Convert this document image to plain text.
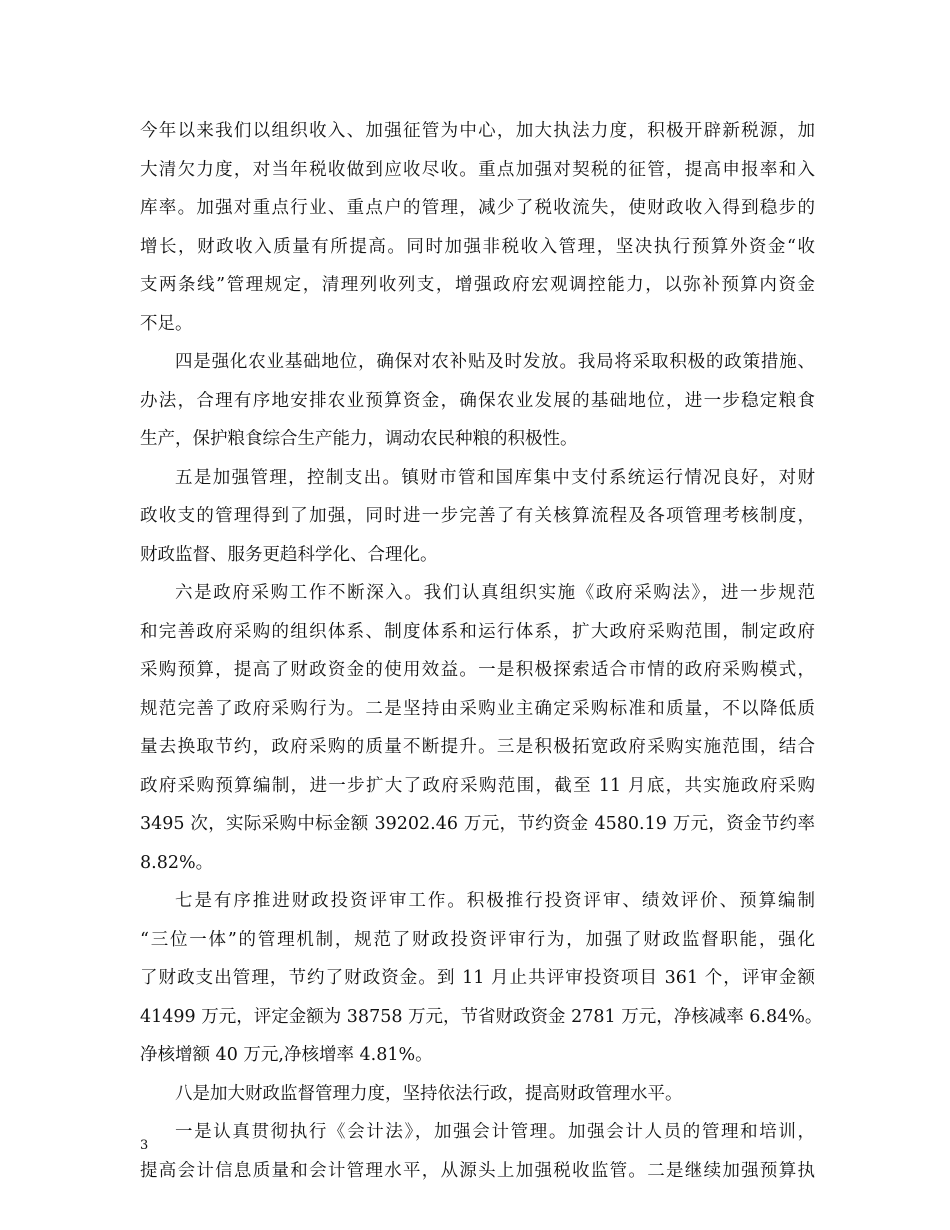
今年以来我们以组织收入、加强征管为中心，加大执法力度，积极开辟新税源，加
大清欠力度，对当年税收做到应收尽收。重点加强对契税的征管，提高申报率和入
库率。加强对重点行业、重点户的管理，减少了税收流失，使财政收入得到稳步的
增长，财政收入质量有所提高。同时加强非税收入管理，坚决执行预算外资金“收
支两条线”管理规定，清理列收列支，增强政府宏观调控能力，以弥补预算内资金
不足。
四是强化农业基础地位，确保对农补贴及时发放。我局将采取积极的政策措施、
办法，合理有序地安排农业预算资金，确保农业发展的基础地位，进一步稳定粮食
生产，保护粮食综合生产能力，调动农民种粮的积极性。
五是加强管理，控制支出。镇财市管和国库集中支付系统运行情况良好，对财
政收支的管理得到了加强，同时进一步完善了有关核算流程及各项管理考核制度，
财政监督、服务更趋科学化、合理化。
六是政府采购工作不断深入。我们认真组织实施《政府采购法》，进一步规范
和完善政府采购的组织体系、制度体系和运行体系，扩大政府采购范围，制定政府
采购预算，提高了财政资金的使用效益。一是积极探索适合市情的政府采购模式，
规范完善了政府采购行为。二是坚持由采购业主确定采购标准和质量，不以降低质
量去换取节约，政府采购的质量不断提升。三是积极拓宽政府采购实施范围，结合
政府采购预算编制，进一步扩大了政府采购范围，截至 11 月底，共实施政府采购
3495 次，实际采购中标金额 39202.46 万元，节约资金 4580.19 万元，资金节约率
8.82%。
七是有序推进财政投资评审工作。积极推行投资评审、绩效评价、预算编制
“三位一体”的管理机制，规范了财政投资评审行为，加强了财政监督职能，强化
了财政支出管理，节约了财政资金。到 11 月止共评审投资项目 361 个，评审金额
41499 万元，评定金额为 38758 万元，节省财政资金 2781 万元，净核减率 6.84%。
净核增额 40 万元,净核增率 4.81%。
八是加大财政监督管理力度，坚持依法行政，提高财政管理水平。
一是认真贯彻执行《会计法》，加强会计管理。加强会计人员的管理和培训，
提高会计信息质量和会计管理水平，从源头上加强税收监管。二是继续加强预算执
3
